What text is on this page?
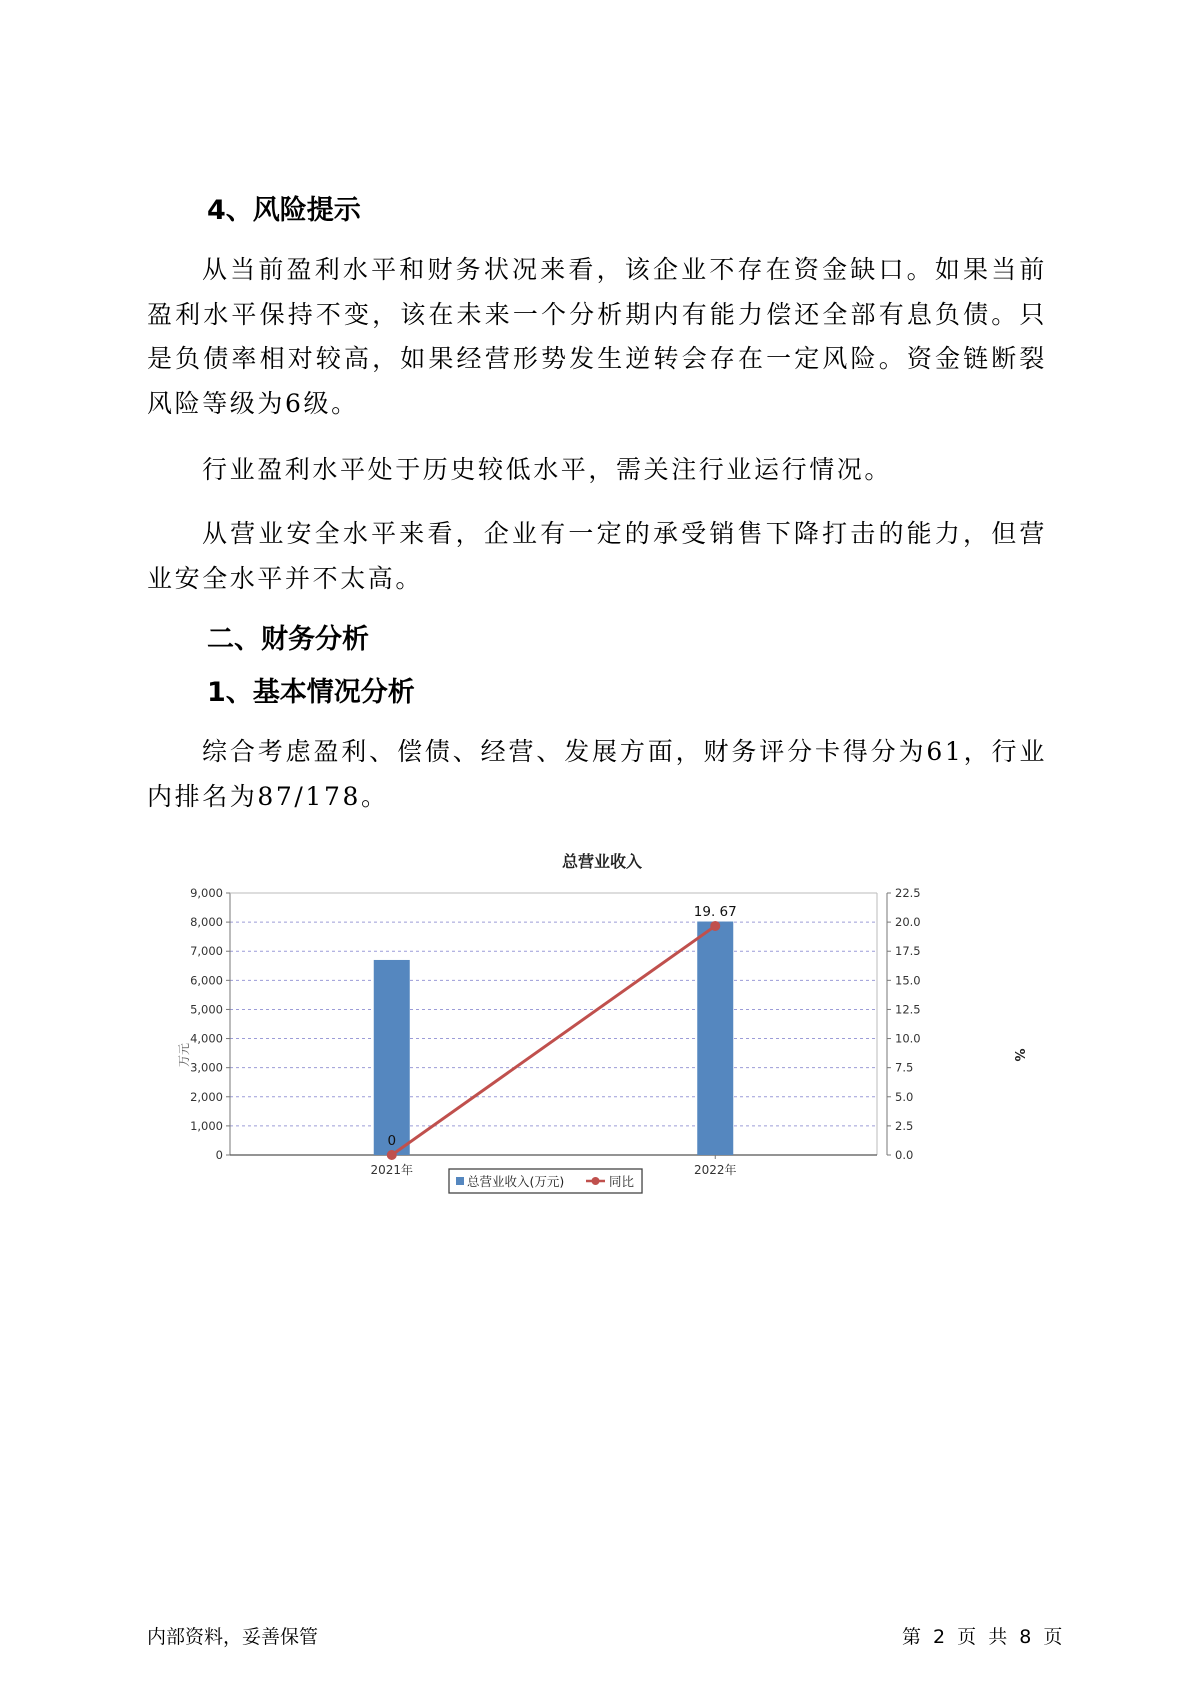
4、风险提示

从当前盈利水平和财务状况来看，该企业不存在资金缺口。如果当前盈利水平保持不变，该在未来一个分析期内有能力偿还全部有息负债。只是负债率相对较高，如果经营形势发生逆转会存在一定风险。资金链断裂风险等级为6级。

行业盈利水平处于历史较低水平，需关注行业运行情况。

从营业安全水平来看，企业有一定的承受销售下降打击的能力，但营业安全水平并不太高。

二、财务分析
1、基本情况分析

综合考虑盈利、偿债、经营、发展方面，财务评分卡得分为61，行业内排名为87/178。

总营业收入
万元	%
0
1,000
2,000
3,000
4,000
5,000
6,000
7,000
8,000
9,000
0.0
2.5
5.0
7.5
10.0
12.5
15.0
17.5
20.0
22.5
2021年	2022年
0
19. 67
总营业收入(万元)	同比
内部资料，妥善保管	第 2 页 共 8 页
